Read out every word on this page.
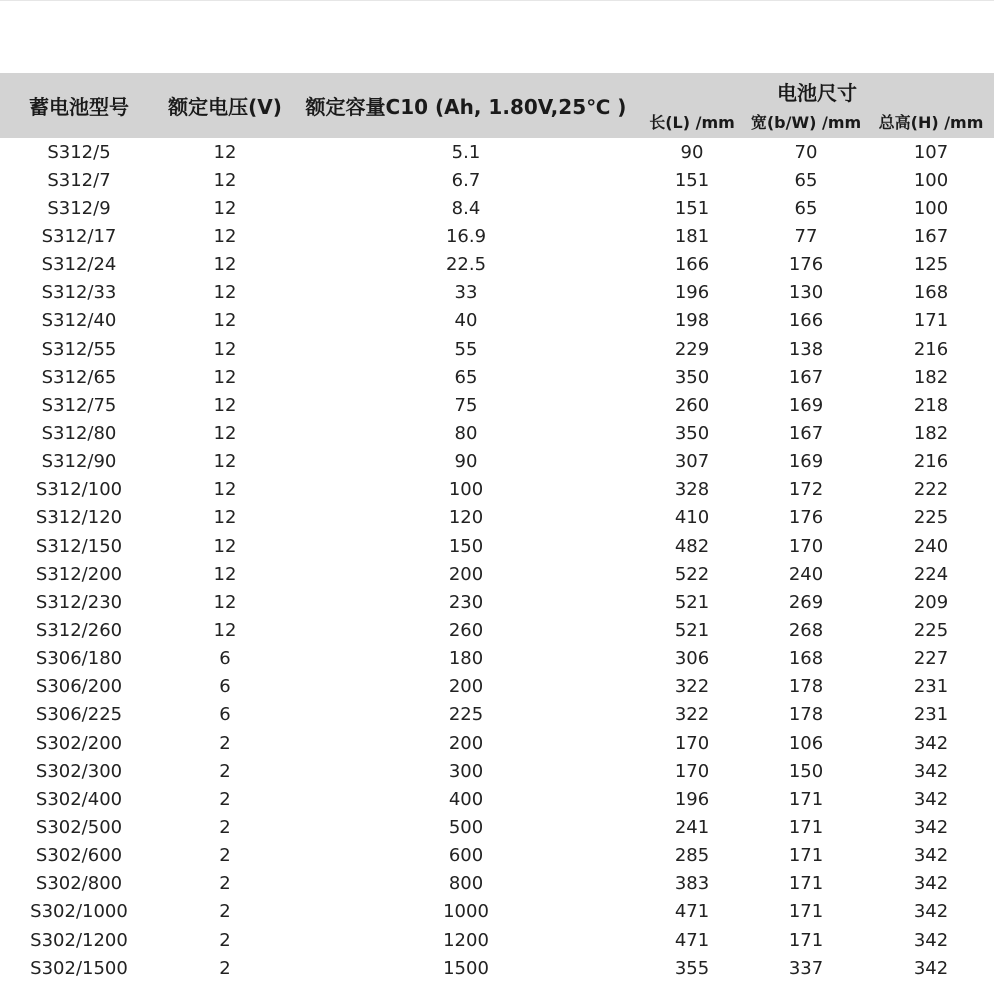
蓄电池型号	额定电压(V)	额定容量C10 (Ah, 1.80V,25℃ )	电池尺寸		
			长(L) /mm	宽(b/W) /mm	总高(H) /mm
S312/5	12	5.1	90	70	107
S312/7	12	6.7	151	65	100
S312/9	12	8.4	151	65	100
S312/17	12	16.9	181	77	167
S312/24	12	22.5	166	176	125
S312/33	12	33	196	130	168
S312/40	12	40	198	166	171
S312/55	12	55	229	138	216
S312/65	12	65	350	167	182
S312/75	12	75	260	169	218
S312/80	12	80	350	167	182
S312/90	12	90	307	169	216
S312/100	12	100	328	172	222
S312/120	12	120	410	176	225
S312/150	12	150	482	170	240
S312/200	12	200	522	240	224
S312/230	12	230	521	269	209
S312/260	12	260	521	268	225
S306/180	6	180	306	168	227
S306/200	6	200	322	178	231
S306/225	6	225	322	178	231
S302/200	2	200	170	106	342
S302/300	2	300	170	150	342
S302/400	2	400	196	171	342
S302/500	2	500	241	171	342
S302/600	2	600	285	171	342
S302/800	2	800	383	171	342
S302/1000	2	1000	471	171	342
S302/1200	2	1200	471	171	342
S302/1500	2	1500	355	337	342
